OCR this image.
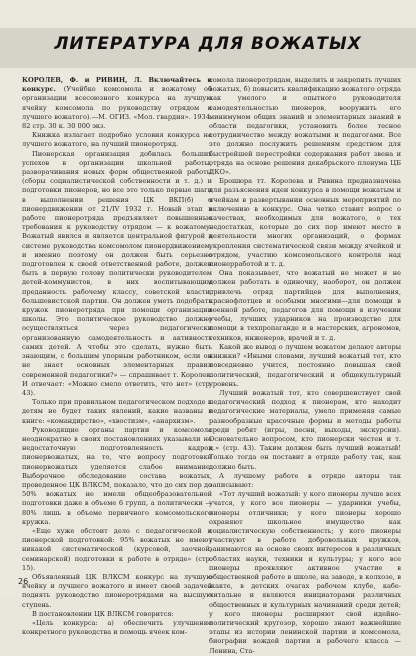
ЛИТЕРАТУРА ДЛЯ ВОЖАТЫХ

КОРОЛЕВ, Ф. и РИВИН, Л. Включайтесь в конкурс. (Учейбке комсомола и вожатому об организации всесоюзного конкурса на лучшую ячейку комсомола по руководству отрядом и лучшего вожатого).—М. ОГИЗ. «Мол. гвардия». 1934. 82 стр. 30 к. 30 000 экз.

Книжка излагает подробно условия конкурса на лучшего вожатого, на лучший пионеротряд.

Пионерская организация добилась больших успехов в организации школьной работы, разворачивания новых форм общественной работы (сборы социалистической собственности и т. д.) и подготовки пионеров, но все это только первые шаги в выполнении решения ЦК ВКП(б) о пионердвижении от 21/IV 1932 г. Новый этап в работе пионеротряда предъявляет повышенные требования к руководству отрядом — к вожатому. Вожатый явился и является центральной фигурой в системе руководства комсомолом пионердвижением, и именно поэтому он должен быть серьезно подготовлен к своей ответственной работе, должен быть в первую голову политически руководителем детей-коммунистов, в них воспитывающим преданность рабочему классу, советской власти, большевистской партии. Он должен уметь подобрать кружок пионеротряда при помощи организации школы. Это политическое руководство должно осуществляться через педагогически организованную самодеятельность и активность самих детей. А чтобы это сделать, нужно быть знающим, с большим упорным работником, если он не знает основных элементарных правил современной педагогики?» — спрашивает т. Королев. И отвечает: «Можно смело ответить, что нет» (стр. 43).

Только при правильном педагогическом подходе к детям не будет таких явлений, какие названы в книге: «командирство», «хвостизм», «анархизм».

Руководящие органы партии и комсомола неоднократно в своих постановлениях указывали на недостаточную подготовленность кадров пионервожатых, на то, что вопросу подготовки пионервожатых уделяется слабое внимание. Выборочное обследование состава вожатых, проведенное ЦК ВЛКСМ, показало, что до сих пор до 50% вожатых не имели общеобразовательной подготовки даже в объеме 6 групп, а политически — 80% лишь в объеме первичного комсомольского кружка.

«Еще хуже обстоит дело с педагогической и пионерской подготовкой: 95% вожатых не имеют никакой систематической (курсовой, заочной, семинарской) подготовки к работе в отряде» (стр. 15).

Объявленный ЦК ВЛКСМ конкурс на лучшую ячейку и лучшего вожатого и имеет своей задачей поднять руководство пионеротрядами на высшую ступень.

В постановлении ЦК ВЛКСМ говорится:

«Цель конкурса: а) обеспечить улучшение конкретного руководства и помощь ячеек ком-

сомола пионеротрядам, выделить и закрепить лучших вожатых, б) повысить квалификацию вожатого отряда как умелого и опытного руководителя самодеятельностью пионеров, вооружить его минимумом общих знаний и элементарных знаний в области педагогики, установить более тесное сотрудничество между вожатыми и педагогами. Все это должно послужить решениям средством для быстрейшей перестройки содержания работ звена и отряда на основе решения декабрьского пленума ЦБ ДКО».

Брошюра тт. Королева и Ривина предназначена для разъяснения идеи конкурса в помощи вожатым и ячейкам в развертывании основных мероприятий по включению в конкурс. Она четко ставит вопрос о качествах, необходимых для вожатого, о тех недостатках, которые до сих пор имеют место в деятельности многих организаций, о формах укрепления систематической связи между ячейкой и отрядом, участию комсомольского контроля над пионерработой и т. д.

Она показывает, что вожатый не может и не должен работать в одиночку, наоборот, он должен привлечь отряд партийцев для выполнения, краснофлотцев и особыми многими—для помощи в военной работе, педагогов для помощи в изучении учебы, лучших ударников на производстве для помощи в техпропаганде и в мастерских, агрономов, техников, инженеров, врачей и т. д.

Какой же вывод о лучшем вожатом делают авторы книжки? «Иными словами, лучший вожатый тот, кто повседневно учится, постоянно повышая свой политический, педагогический и общекультурный уровень.

Лучший вожатый тот, кто совершенствует свой педагогический подход к пионерам, кто находит педагогические материалы, умело применяя самые разнообразные красочные формы и методы работы среди ребят (игры, песни, выходы, экскурсии). Основательно вопросом, кто пионерски честен и т. д.» (стр. 43). Таким должен быть лучший вожатый! Только тогда он поставит в отряде работу так, как должно быть.

А лучшему работе в отряде авторы так записывают:

«Тот лучший вожатый: у кого пионеры лучше всех учатся, у кого все пионеры — ударники учебы, пионеры отличники; у кого пионеры хорошо охраняют школьное имущество как социалистическую собственность; у кого пионеры участвуют в работе добровольных кружков, занимаются на основе своих интересов в различных областях науки, техники и культуры; у кого все пионеры проявляют активное участие в общественной работе в школе, на заводе, в колхозе, в жакте, в детских очагах рабочем клубе, кабе-читальне и являются инициаторами различных общественных и культурных начинаний среди детей; у кого пионеры расширяют свой идейно-политический кругозор, хорошо знают важнейшие этапы из истории ленинской партии и комсомола, биографии вождей партии и рабочего класса — Ленина, Ста-

26
